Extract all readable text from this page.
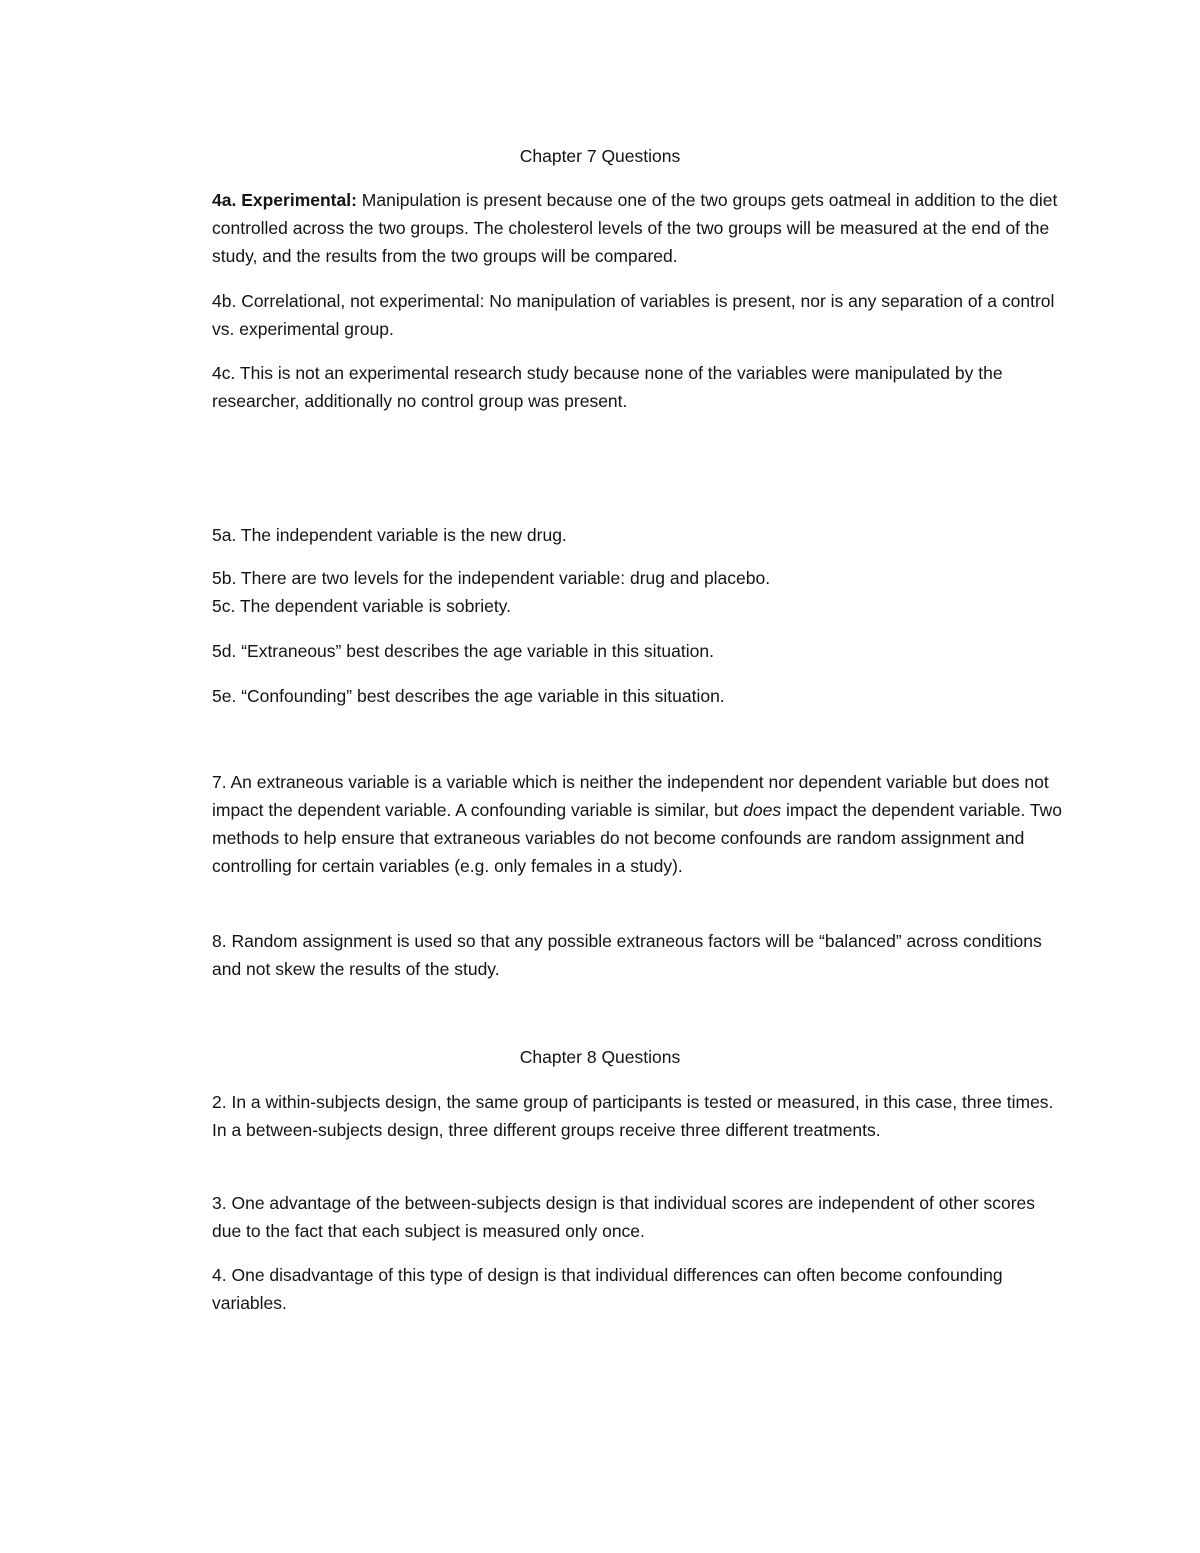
Chapter 7 Questions

4a. Experimental: Manipulation is present because one of the two groups gets oatmeal in addition to the diet controlled across the two groups. The cholesterol levels of the two groups will be measured at the end of the study, and the results from the two groups will be compared.

4b. Correlational, not experimental: No manipulation of variables is present, nor is any separation of a control vs. experimental group.

4c. This is not an experimental research study because none of the variables were manipulated by the researcher, additionally no control group was present.

5a. The independent variable is the new drug.

5b. There are two levels for the independent variable: drug and placebo.

5c. The dependent variable is sobriety.

5d. “Extraneous” best describes the age variable in this situation.

5e. “Confounding” best describes the age variable in this situation.

7. An extraneous variable is a variable which is neither the independent nor dependent variable but does not impact the dependent variable. A confounding variable is similar, but does impact the dependent variable. Two methods to help ensure that extraneous variables do not become confounds are random assignment and controlling for certain variables (e.g. only females in a study).

8. Random assignment is used so that any possible extraneous factors will be “balanced” across conditions and not skew the results of the study.

Chapter 8 Questions

2. In a within-subjects design, the same group of participants is tested or measured, in this case, three times. In a between-subjects design, three different groups receive three different treatments.

3. One advantage of the between-subjects design is that individual scores are independent of other scores due to the fact that each subject is measured only once.

4. One disadvantage of this type of design is that individual differences can often become confounding variables.
